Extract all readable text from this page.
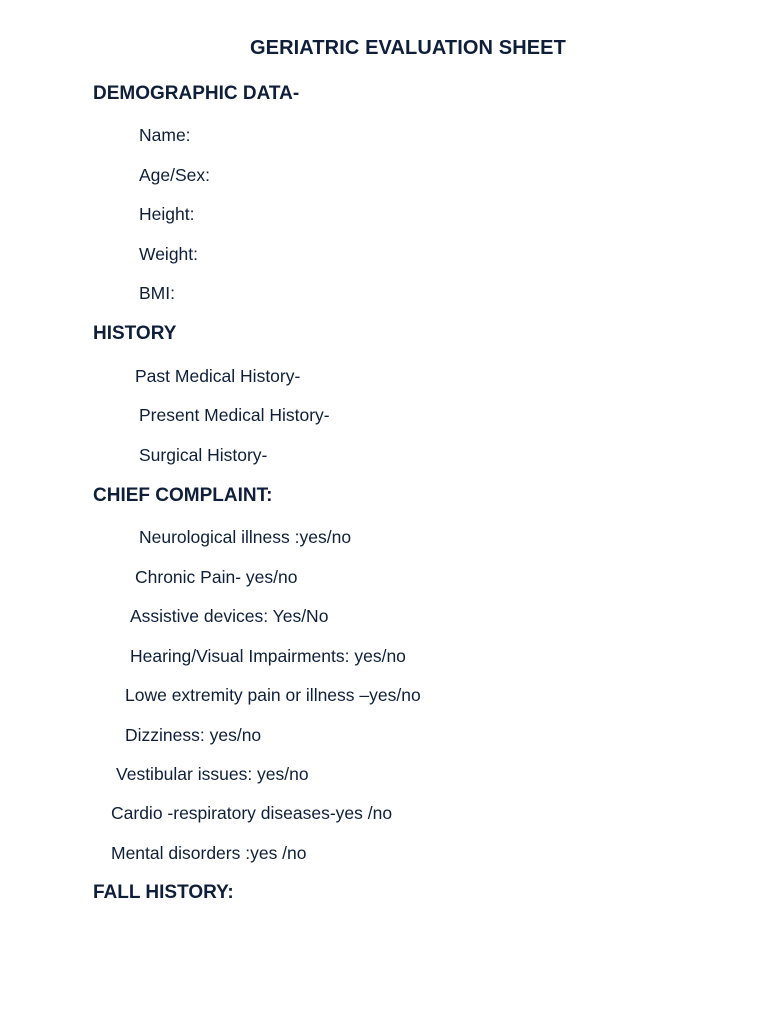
GERIATRIC EVALUATION SHEET
DEMOGRAPHIC DATA-
Name:
Age/Sex:
Height:
Weight:
BMI:
HISTORY
Past Medical History-
Present Medical History-
Surgical History-
CHIEF COMPLAINT:
Neurological illness :yes/no
Chronic Pain- yes/no
Assistive devices: Yes/No
Hearing/Visual Impairments: yes/no
Lowe extremity pain or illness –yes/no
Dizziness: yes/no
Vestibular issues: yes/no
Cardio -respiratory diseases-yes /no
Mental disorders :yes /no
FALL HISTORY:
